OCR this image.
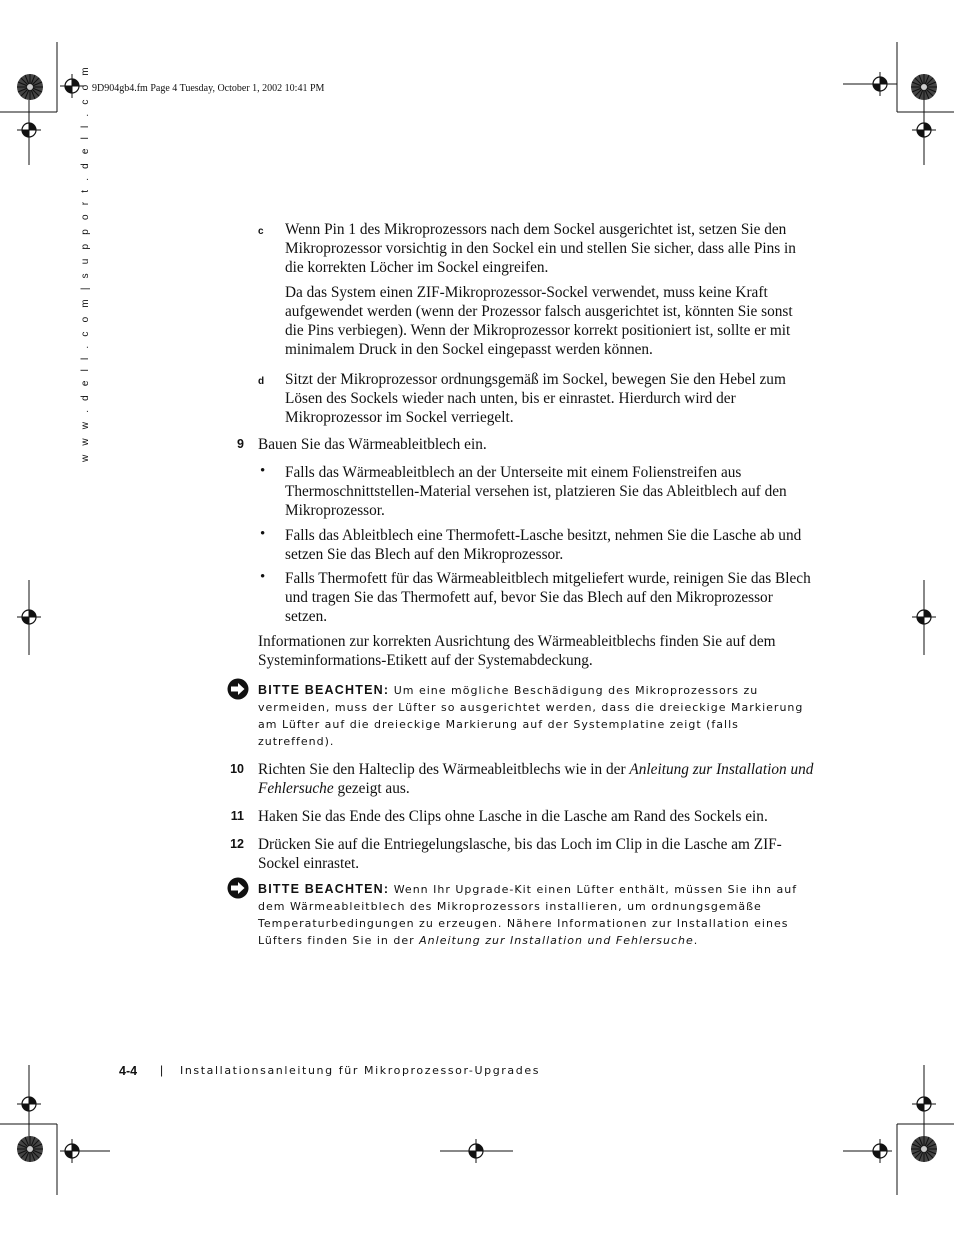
9D904gb4.fm Page 4 Tuesday, October 1, 2002 10:41 PM
w w w . d e l l . c o m | s u p p o r t . d e l l . c o m	c Wenn Pin 1 des Mikroprozessors nach dem Sockel ausgerichtet ist, setzen Sie den Mikroprozessor vorsichtig in den Sockel ein und stellen Sie sicher, dass alle Pins in die korrekten Löcher im Sockel eingreifen.

Da das System einen ZIF-Mikroprozessor-Sockel verwendet, muss keine Kraft aufgewendet werden (wenn der Prozessor falsch ausgerichtet ist, könnten Sie sonst die Pins verbiegen). Wenn der Mikroprozessor korrekt positioniert ist, sollte er mit minimalem Druck in den Sockel eingepasst werden können.

d Sitzt der Mikroprozessor ordnungsgemäß im Sockel, bewegen Sie den Hebel zum Lösen des Sockels wieder nach unten, bis er einrastet. Hierdurch wird der Mikroprozessor im Sockel verriegelt.

9 Bauen Sie das Wärmeableitblech ein.

• Falls das Wärmeableitblech an der Unterseite mit einem Folienstreifen aus Thermoschnittstellen-Material versehen ist, platzieren Sie das Ableitblech auf den Mikroprozessor.

• Falls das Ableitblech eine Thermofett-Lasche besitzt, nehmen Sie die Lasche ab und setzen Sie das Blech auf den Mikroprozessor.

• Falls Thermofett für das Wärmeableitblech mitgeliefert wurde, reinigen Sie das Blech und tragen Sie das Thermofett auf, bevor Sie das Blech auf den Mikroprozessor setzen.

Informationen zur korrekten Ausrichtung des Wärmeableitblechs finden Sie auf dem Systeminformations-Etikett auf der Systemabdeckung.

BITTE BEACHTEN: Um eine mögliche Beschädigung des Mikroprozessors zu vermeiden, muss der Lüfter so ausgerichtet werden, dass die dreieckige Markierung am Lüfter auf die dreieckige Markierung auf der Systemplatine zeigt (falls zutreffend).

10 Richten Sie den Halteclip des Wärmeableitblechs wie in der Anleitung zur Installation und Fehlersuche gezeigt aus.

11 Haken Sie das Ende des Clips ohne Lasche in die Lasche am Rand des Sockels ein.

12 Drücken Sie auf die Entriegelungslasche, bis das Loch im Clip in die Lasche am ZIF-Sockel einrastet.

BITTE BEACHTEN: Wenn Ihr Upgrade-Kit einen Lüfter enthält, müssen Sie ihn auf dem Wärmeableitblech des Mikroprozessors installieren, um ordnungsgemäße Temperaturbedingungen zu erzeugen. Nähere Informationen zur Installation eines Lüfters finden Sie in der Anleitung zur Installation und Fehlersuche.

4-4 | Installationsanleitung für Mikroprozessor-Upgrades
